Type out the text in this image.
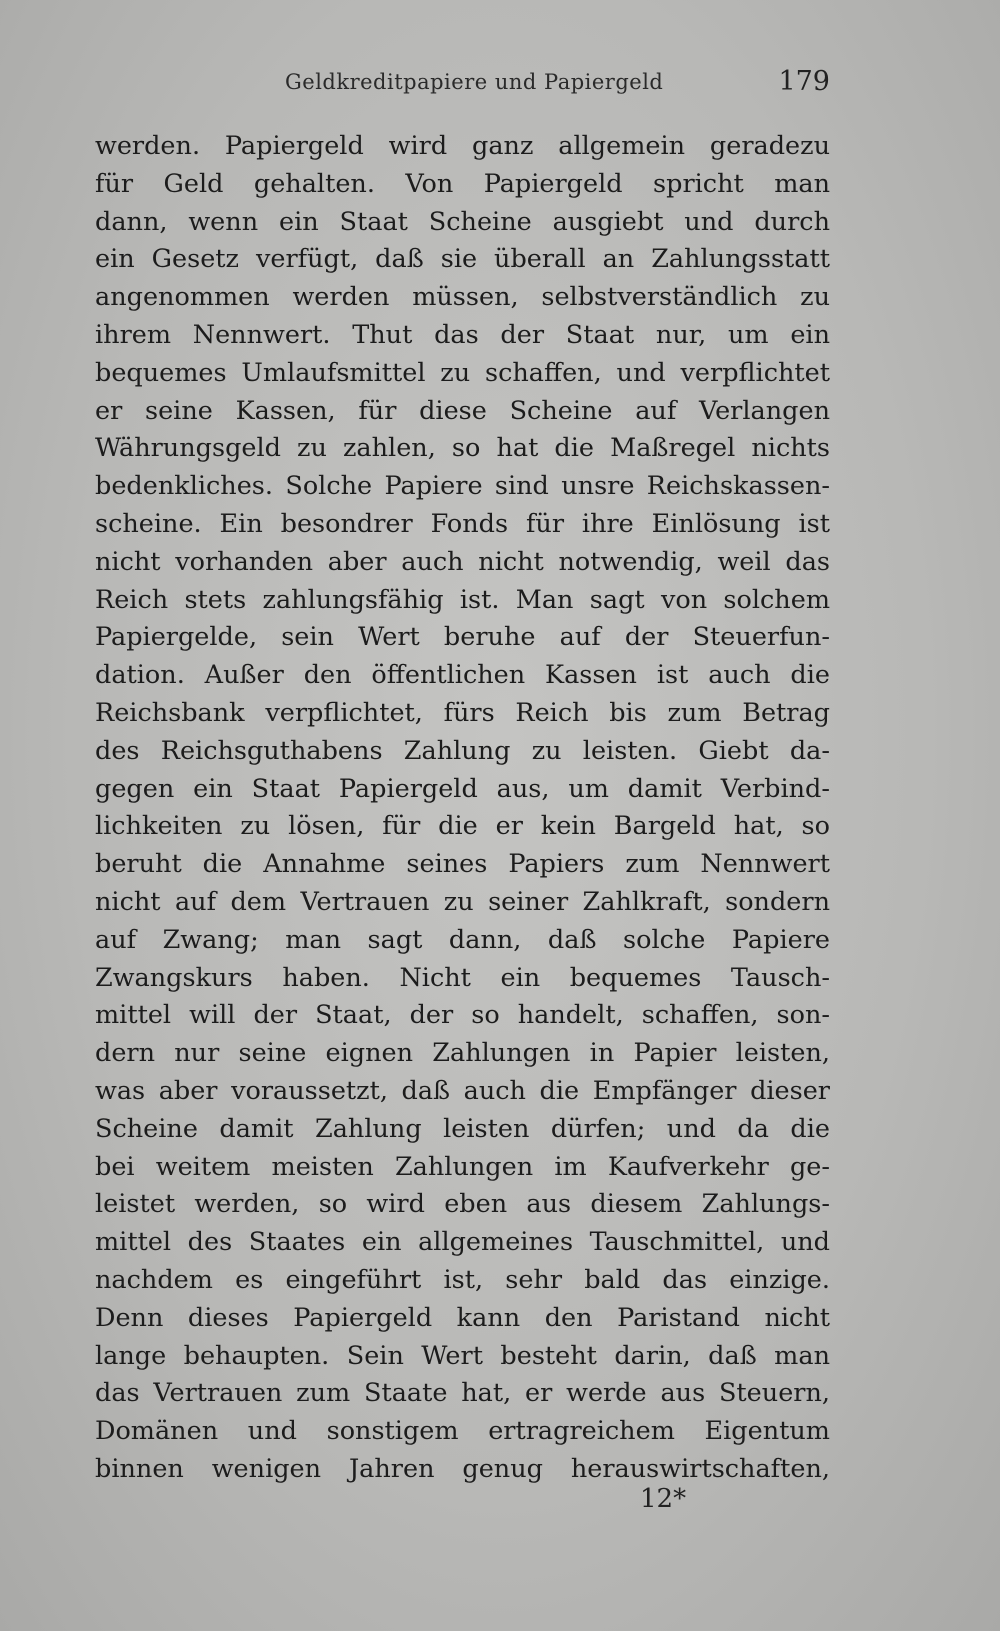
Geldkreditpapiere und Papiergeld	179
werden. Papiergeld wird ganz allgemein geradezu
für Geld gehalten. Von Papiergeld spricht man
dann, wenn ein Staat Scheine ausgiebt und durch
ein Gesetz verfügt, daß sie überall an Zahlungsstatt
angenommen werden müssen, selbstverständlich zu
ihrem Nennwert. Thut das der Staat nur, um ein
bequemes Umlaufsmittel zu schaffen, und verpflichtet
er seine Kassen, für diese Scheine auf Verlangen
Währungsgeld zu zahlen, so hat die Maßregel nichts
bedenkliches. Solche Papiere sind unsre Reichskassen-
scheine. Ein besondrer Fonds für ihre Einlösung ist
nicht vorhanden aber auch nicht notwendig, weil das
Reich stets zahlungsfähig ist. Man sagt von solchem
Papiergelde, sein Wert beruhe auf der Steuerfun-
dation. Außer den öffentlichen Kassen ist auch die
Reichsbank verpflichtet, fürs Reich bis zum Betrag
des Reichsguthabens Zahlung zu leisten. Giebt da-
gegen ein Staat Papiergeld aus, um damit Verbind-
lichkeiten zu lösen, für die er kein Bargeld hat, so
beruht die Annahme seines Papiers zum Nennwert
nicht auf dem Vertrauen zu seiner Zahlkraft, sondern
auf Zwang; man sagt dann, daß solche Papiere
Zwangskurs haben. Nicht ein bequemes Tausch-
mittel will der Staat, der so handelt, schaffen, son-
dern nur seine eignen Zahlungen in Papier leisten,
was aber voraussetzt, daß auch die Empfänger dieser
Scheine damit Zahlung leisten dürfen; und da die
bei weitem meisten Zahlungen im Kaufverkehr ge-
leistet werden, so wird eben aus diesem Zahlungs-
mittel des Staates ein allgemeines Tauschmittel, und
nachdem es eingeführt ist, sehr bald das einzige.
Denn dieses Papiergeld kann den Paristand nicht
lange behaupten. Sein Wert besteht darin, daß man
das Vertrauen zum Staate hat, er werde aus Steuern,
Domänen und sonstigem ertragreichem Eigentum
binnen wenigen Jahren genug herauswirtschaften,
12*
